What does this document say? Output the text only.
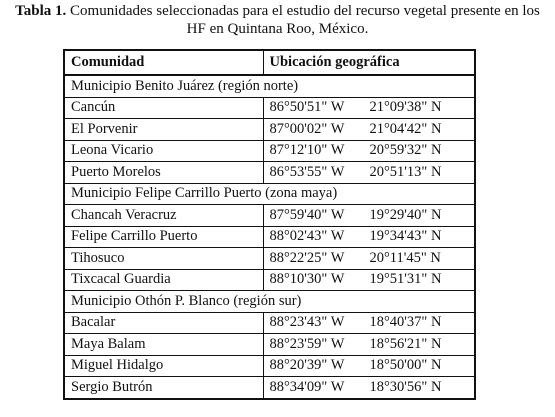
Tabla 1. Comunidades seleccionadas para el estudio del recurso vegetal presente en los
HF en Quintana Roo, México.
Comunidad	Ubicación geográfica
Municipio Benito Juárez (región norte)	
Cancún	86°50'51" W 21°09'38" N
El Porvenir	87°00'02" W 21°04'42" N
Leona Vicario	87°12'10" W 20°59'32" N
Puerto Morelos	86°53'55" W 20°51'13" N
Municipio Felipe Carrillo Puerto (zona maya)	
Chancah Veracruz	87°59'40" W 19°29'40" N
Felipe Carrillo Puerto	88°02'43" W 19°34'43" N
Tihosuco	88°22'25" W 20°11'45" N
Tixcacal Guardia	88°10'30" W 19°51'31" N
Municipio Othón P. Blanco (región sur)	
Bacalar	88°23'43" W 18°40'37" N
Maya Balam	88°23'59" W 18°56'21" N
Miguel Hidalgo	88°20'39" W 18°50'00" N
Sergio Butrón	88°34'09" W 18°30'56" N
